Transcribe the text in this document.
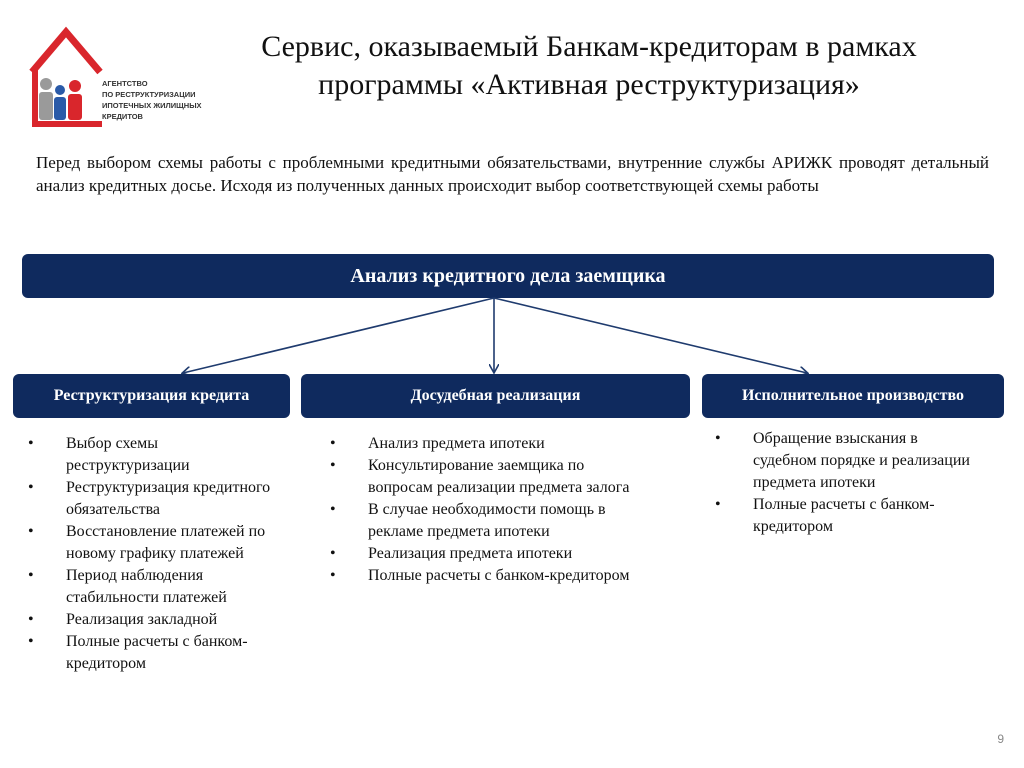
АГЕНТСТВО
ПО РЕСТРУКТУРИЗАЦИИ
ИПОТЕЧНЫХ ЖИЛИЩНЫХ
КРЕДИТОВ
Сервис, оказываемый Банкам-кредиторам в рамках программы «Активная реструктуризация»
Перед выбором схемы работы с проблемными кредитными обязательствами, внутренние службы АРИЖК проводят детальный анализ кредитных досье. Исходя из полученных данных происходит выбор соответствующей схемы работы
Анализ кредитного дела заемщика
Реструктуризация кредита	Досудебная реализация	Исполнительное производство
• Выбор схемы реструктуризации
• Реструктуризация кредитного обязательства
• Восстановление платежей по новому графику платежей
• Период наблюдения стабильности платежей
• Реализация закладной
• Полные расчеты с банком-кредитором
• Анализ предмета ипотеки
• Консультирование заемщика по вопросам реализации предмета залога
• В случае необходимости помощь в рекламе предмета ипотеки
• Реализация предмета ипотеки
• Полные расчеты с банком-кредитором
• Обращение взыскания в судебном порядке и реализации предмета ипотеки
• Полные расчеты с банком-кредитором
9
